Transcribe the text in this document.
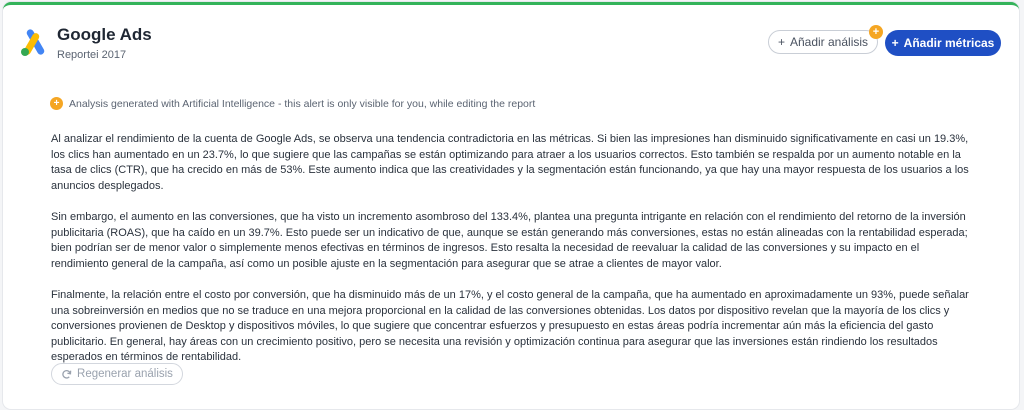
Google Ads
Reportei 2017
+ Añadir análisis
+
+ Añadir métricas
+ Analysis generated with Artificial Intelligence - this alert is only visible for you, while editing the report

Al analizar el rendimiento de la cuenta de Google Ads, se observa una tendencia contradictoria en las métricas. Si bien las impresiones han disminuido significativamente en casi un 19.3%, los clics han aumentado en un 23.7%, lo que sugiere que las campañas se están optimizando para atraer a los usuarios correctos. Esto también se respalda por un aumento notable en la tasa de clics (CTR), que ha crecido en más de 53%. Este aumento indica que las creatividades y la segmentación están funcionando, ya que hay una mayor respuesta de los usuarios a los anuncios desplegados.

Sin embargo, el aumento en las conversiones, que ha visto un incremento asombroso del 133.4%, plantea una pregunta intrigante en relación con el rendimiento del retorno de la inversión publicitaria (ROAS), que ha caído en un 39.7%. Esto puede ser un indicativo de que, aunque se están generando más conversiones, estas no están alineadas con la rentabilidad esperada; bien podrían ser de menor valor o simplemente menos efectivas en términos de ingresos. Esto resalta la necesidad de reevaluar la calidad de las conversiones y su impacto en el rendimiento general de la campaña, así como un posible ajuste en la segmentación para asegurar que se atrae a clientes de mayor valor.

Finalmente, la relación entre el costo por conversión, que ha disminuido más de un 17%, y el costo general de la campaña, que ha aumentado en aproximadamente un 93%, puede señalar una sobreinversión en medios que no se traduce en una mejora proporcional en la calidad de las conversiones obtenidas. Los datos por dispositivo revelan que la mayoría de los clics y conversiones provienen de Desktop y dispositivos móviles, lo que sugiere que concentrar esfuerzos y presupuesto en estas áreas podría incrementar aún más la eficiencia del gasto publicitario. En general, hay áreas con un crecimiento positivo, pero se necesita una revisión y optimización continua para asegurar que las inversiones están rindiendo los resultados esperados en términos de rentabilidad.

Regenerar análisis
